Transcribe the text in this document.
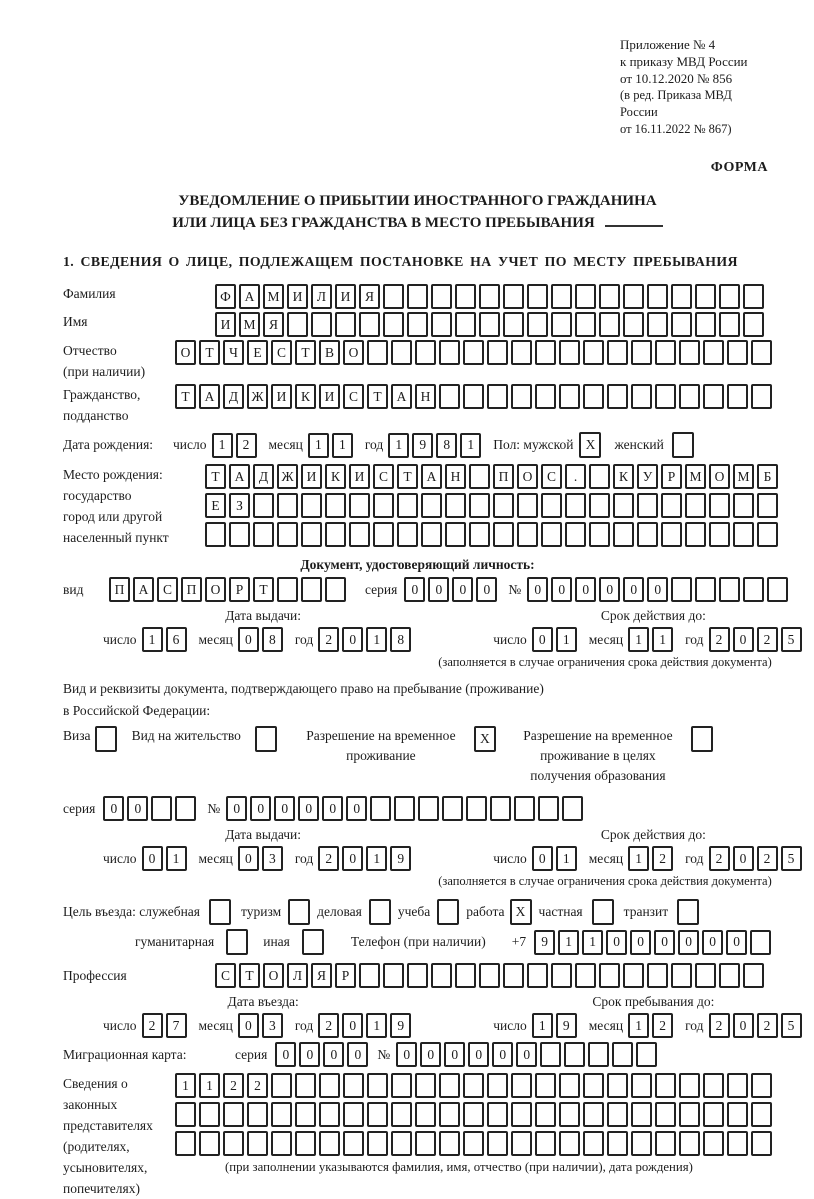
Приложение № 4
к приказу МВД России
от 10.12.2020 № 856
(в ред. Приказа МВД России
от 16.11.2022 № 867)
ФОРМА
УВЕДОМЛЕНИЕ О ПРИБЫТИИ ИНОСТРАННОГО ГРАЖДАНИНА
ИЛИ ЛИЦА БЕЗ ГРАЖДАНСТВА В МЕСТО ПРЕБЫВАНИЯ
1. СВЕДЕНИЯ О ЛИЦЕ, ПОДЛЕЖАЩЕМ ПОСТАНОВКЕ НА УЧЕТ ПО МЕСТУ ПРЕБЫВАНИЯ
Фамилия	Ф	А М И	Л	И	Я
Имя	И М Я
Отчество
(при наличии)
О	Т	Ч	Е	С	Т	В	О
Гражданство,
подданство
Т	А	Д Ж И	К	И	С	Т	А	Н
Дата рождения:	число 1	2	месяц 1	1	год 1	9	8	1	Пол: мужской X	женский
Место рождения:
государство
город или другой
населенный пункт
Т	А	Д Ж И	К	И	С	Т	А	Н	П	О	С	.	К	У	Р	М О М	Б
Е	З
Документ, удостоверяющий личность:
вид	П	А	С	П	О	Р	Т	серия	0	0	0	0	№ 0	0	0	0	0	0
Дата выдачи:
число 1	6	месяц 0	8	год 2	0	1	8
Срок действия до:
число 0	1	месяц 1	1	год 2	0	2	5
(заполняется в случае ограничения срока действия документа)
Вид и реквизиты документа, подтверждающего право на пребывание (проживание)
в Российской Федерации:
Виза	Вид на жительство	Разрешение на временное
проживание
X	Разрешение на временное
проживание в целях
получения образования
серия	0	0	№ 0	0	0	0	0	0
Дата выдачи:
число 0	1	месяц 0	3	год 2	0	1	9
Срок действия до:
число 0	1	месяц 1	2	год 2	0	2	5
(заполняется в случае ограничения срока действия документа)
Цель въезда: служебная	туризм	деловая	учеба	работа X частная	транзит
гуманитарная	иная	Телефон (при наличии) +7	9	1	1	0	0	0	0	0	0
Профессия	С	Т	О	Л	Я	Р
Дата въезда:
число 2	7	месяц 0	3	год 2	0	1	9
Срок пребывания до:
число 1	9	месяц 1	2	год 2	0	2	5
Миграционная карта:	серия	0	0	0	0	№ 0	0	0	0	0	0
Сведения о
законных
представителях
(родителях,
усыновителях,
попечителях)
1	1	2	2
(при заполнении указываются фамилия, имя, отчество (при наличии), дата рождения)
